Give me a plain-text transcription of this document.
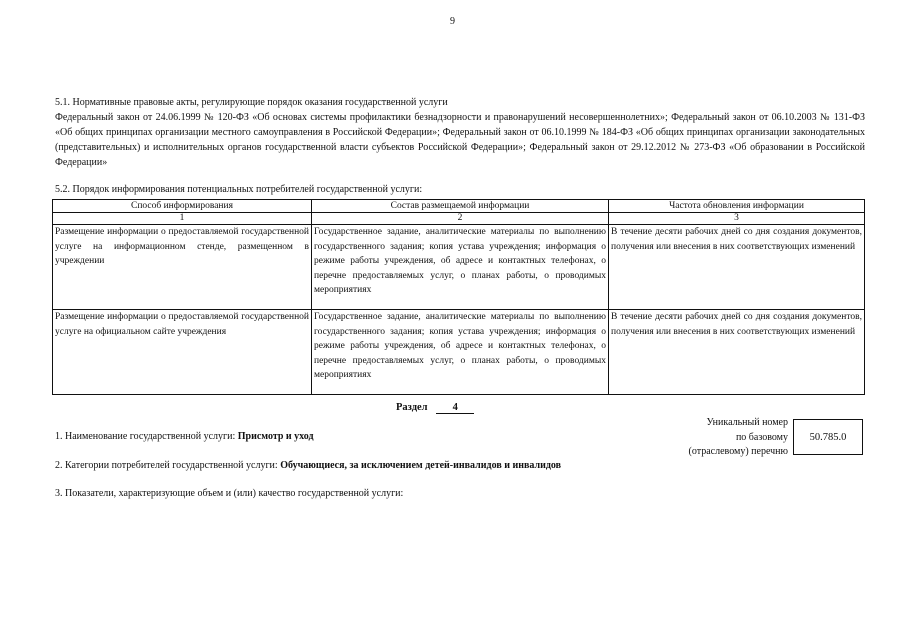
9
5.1. Нормативные правовые акты, регулирующие порядок оказания государственной услуги
Федеральный закон от 24.06.1999 № 120-ФЗ «Об основах системы профилактики безнадзорности и правонарушений несовершеннолетних»; Федеральный закон от 06.10.2003 № 131-ФЗ «Об общих принципах организации местного самоуправления в Российской Федерации»; Федеральный закон от 06.10.1999 № 184-ФЗ «Об общих принципах организации законодательных (представительных) и исполнительных органов государственной власти субъектов Российской Федерации»; Федеральный закон от 29.12.2012 № 273-ФЗ «Об образовании в Российской Федерации»
5.2. Порядок информирования потенциальных потребителей государственной услуги:
Способ информирования	Состав размещаемой информации	Частота обновления информации
1	2	3
Размещение информации о предоставляемой государственной услуге на информационном стенде, размещенном в учреждении	Государственное задание, аналитические материалы по выполнению государственного задания; копия устава учреждения; информация о режиме работы учреждения, об адресе и контактных телефонах, о перечне предоставляемых услуг, о планах работы, о проводимых мероприятиях	В течение десяти рабочих дней со дня создания документов, получения или внесения в них соответствующих изменений
Размещение информации о предоставляемой государственной услуге на официальном сайте учреждения	Государственное задание, аналитические материалы по выполнению государственного задания; копия устава учреждения; информация о режиме работы учреждения, об адресе и контактных телефонах, о перечне предоставляемых услуг, о планах работы, о проводимых мероприятиях	В течение десяти рабочих дней со дня создания документов, получения или внесения в них соответствующих изменений
Раздел 4
1. Наименование государственной услуги: Присмотр и уход
Уникальный номер
по базовому
(отраслевому) перечню
50.785.0
2. Категории потребителей государственной услуги: Обучающиеся, за исключением детей-инвалидов и инвалидов
3. Показатели, характеризующие объем и (или) качество государственной услуги:
